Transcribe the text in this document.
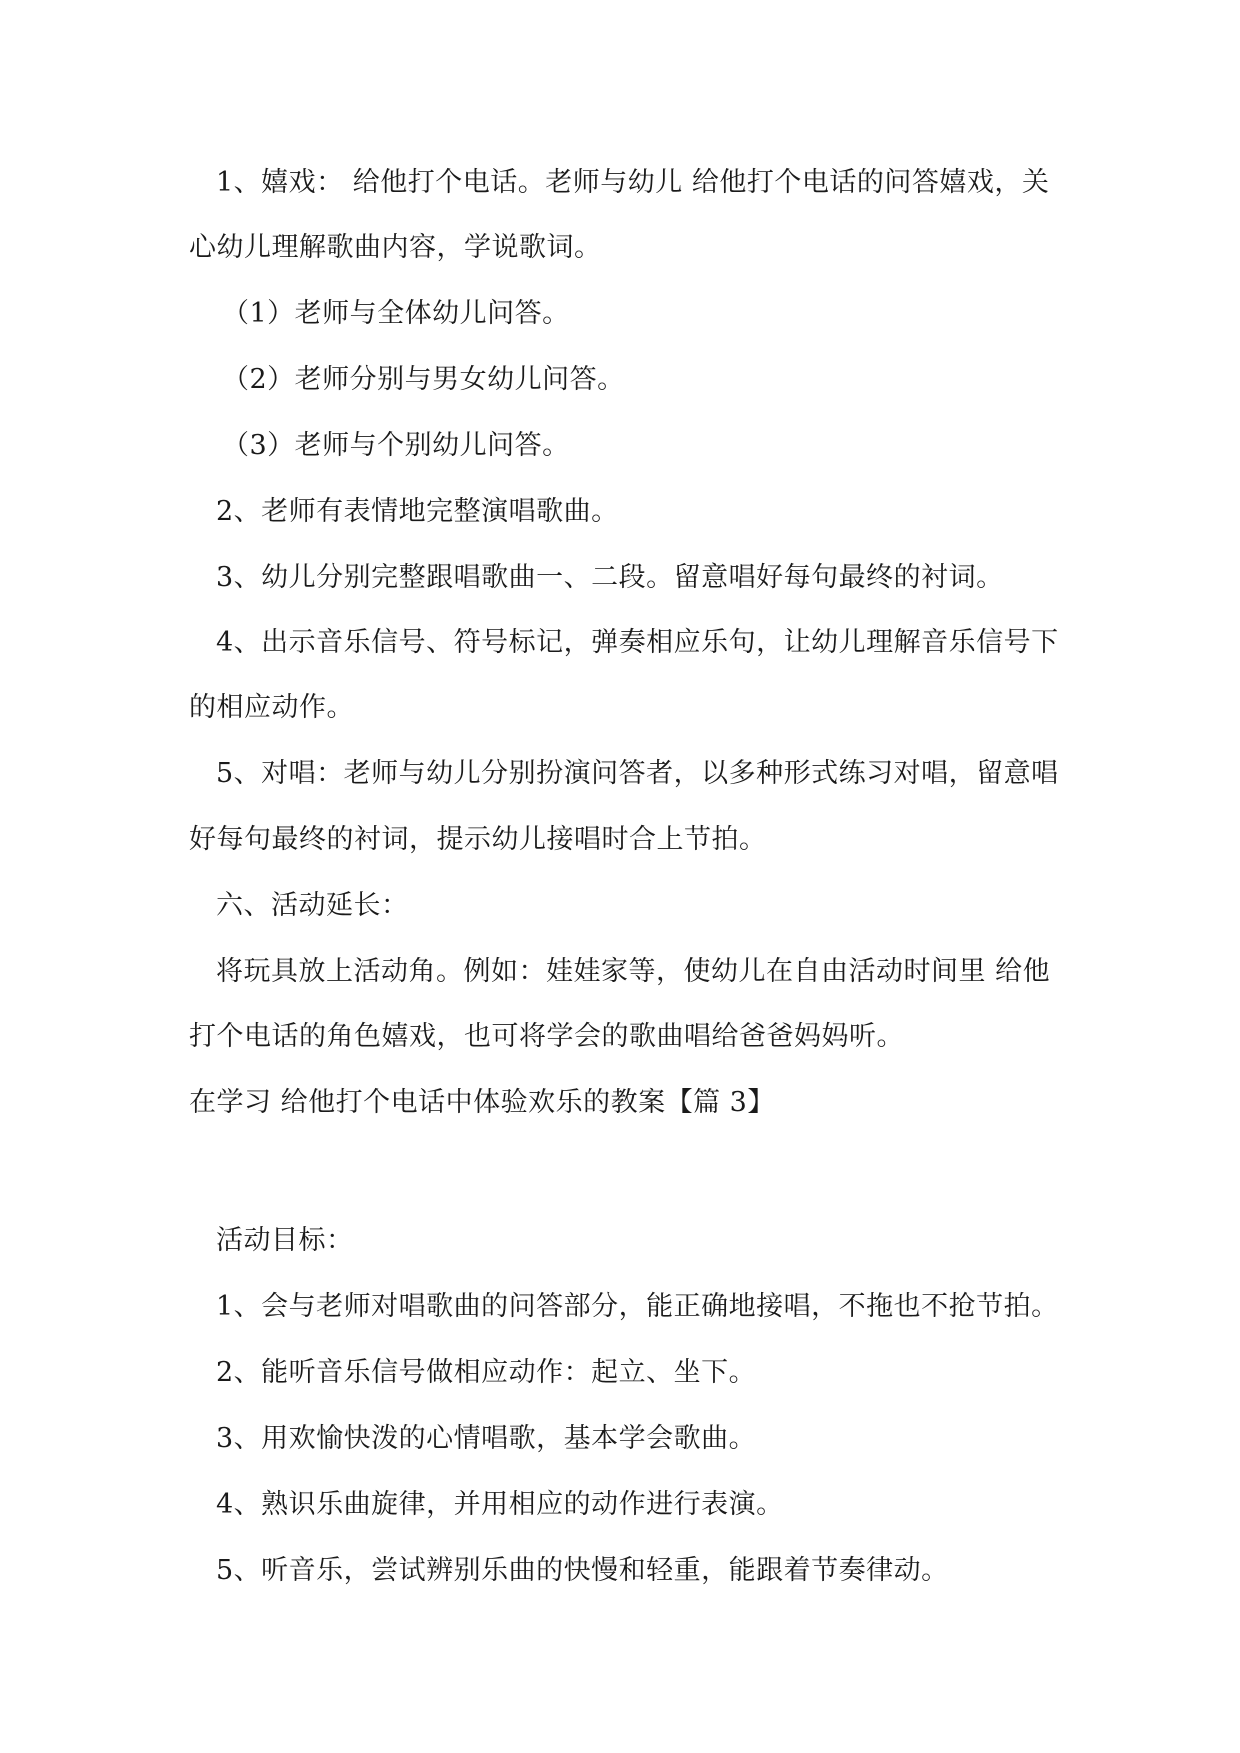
1、嬉戏： 给他打个电话。老师与幼儿 给他打个电话的问答嬉戏，关
心幼儿理解歌曲内容，学说歌词。
（1）老师与全体幼儿问答。
（2）老师分别与男女幼儿问答。
（3）老师与个别幼儿问答。
2、老师有表情地完整演唱歌曲。
3、幼儿分别完整跟唱歌曲一、二段。留意唱好每句最终的衬词。
4、出示音乐信号、符号标记，弹奏相应乐句，让幼儿理解音乐信号下
的相应动作。
5、对唱：老师与幼儿分别扮演问答者，以多种形式练习对唱，留意唱
好每句最终的衬词，提示幼儿接唱时合上节拍。
六、活动延长：
将玩具放上活动角。例如：娃娃家等，使幼儿在自由活动时间里 给他
打个电话的角色嬉戏，也可将学会的歌曲唱给爸爸妈妈听。
在学习 给他打个电话中体验欢乐的教案【篇 3】
活动目标：
1、会与老师对唱歌曲的问答部分，能正确地接唱，不拖也不抢节拍。
2、能听音乐信号做相应动作：起立、坐下。
3、用欢愉快泼的心情唱歌，基本学会歌曲。
4、熟识乐曲旋律，并用相应的动作进行表演。
5、听音乐，尝试辨别乐曲的快慢和轻重，能跟着节奏律动。
